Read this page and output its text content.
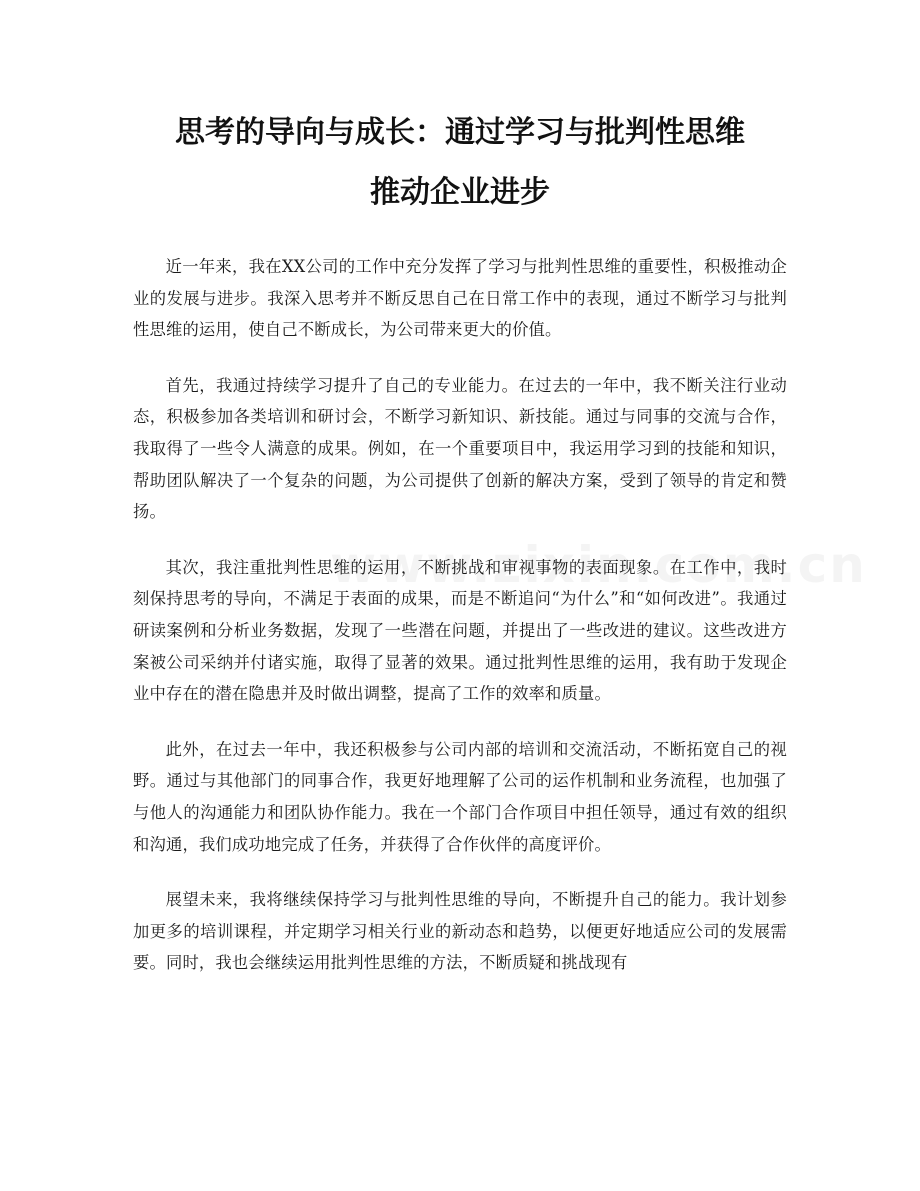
思考的导向与成长：通过学习与批判性思维
推动企业进步

近一年来，我在XX公司的工作中充分发挥了学习与批判性思维的重要性，积极推动企业的发展与进步。我深入思考并不断反思自己在日常工作中的表现，通过不断学习与批判性思维的运用，使自己不断成长，为公司带来更大的价值。

首先，我通过持续学习提升了自己的专业能力。在过去的一年中，我不断关注行业动态，积极参加各类培训和研讨会，不断学习新知识、新技能。通过与同事的交流与合作，我取得了一些令人满意的成果。例如，在一个重要项目中，我运用学习到的技能和知识，帮助团队解决了一个复杂的问题，为公司提供了创新的解决方案，受到了领导的肯定和赞扬。

其次，我注重批判性思维的运用，不断挑战和审视事物的表面现象。在工作中，我时刻保持思考的导向，不满足于表面的成果，而是不断追问“为什么”和“如何改进”。我通过研读案例和分析业务数据，发现了一些潜在问题，并提出了一些改进的建议。这些改进方案被公司采纳并付诸实施，取得了显著的效果。通过批判性思维的运用，我有助于发现企业中存在的潜在隐患并及时做出调整，提高了工作的效率和质量。

此外，在过去一年中，我还积极参与公司内部的培训和交流活动，不断拓宽自己的视野。通过与其他部门的同事合作，我更好地理解了公司的运作机制和业务流程，也加强了与他人的沟通能力和团队协作能力。我在一个部门合作项目中担任领导，通过有效的组织和沟通，我们成功地完成了任务，并获得了合作伙伴的高度评价。

展望未来，我将继续保持学习与批判性思维的导向，不断提升自己的能力。我计划参加更多的培训课程，并定期学习相关行业的新动态和趋势，以便更好地适应公司的发展需要。同时，我也会继续运用批判性思维的方法，不断质疑和挑战现有
